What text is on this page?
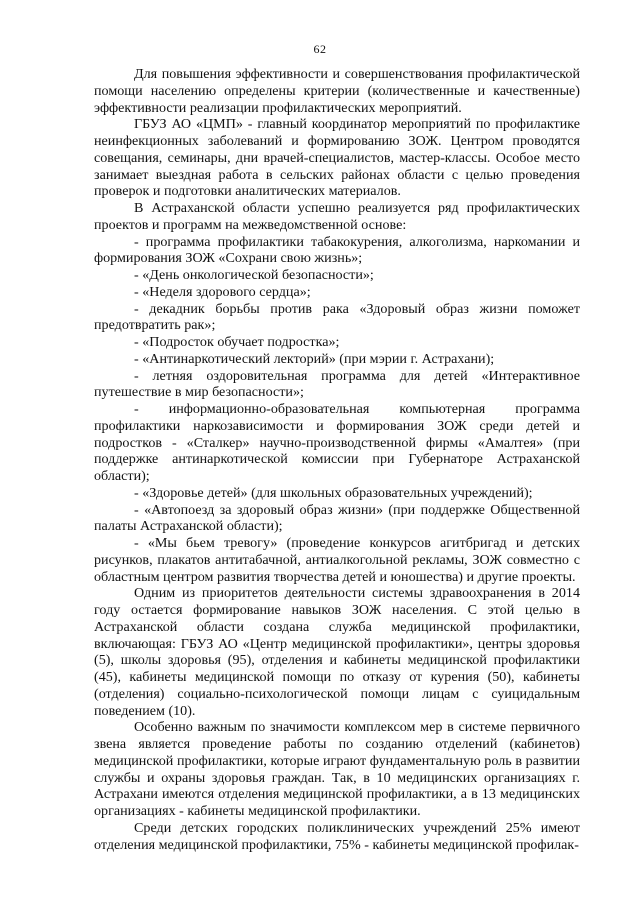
62

Для повышения эффективности и совершенствования профилактической помощи населению определены критерии (количественные и качественные) эффективности реализации профилактических мероприятий.

ГБУЗ АО «ЦМП» - главный координатор мероприятий по профилактике неинфекционных заболеваний и формированию ЗОЖ. Центром проводятся совещания, семинары, дни врачей-специалистов, мастер-классы. Особое место занимает выездная работа в сельских районах области с целью проведения проверок и подготовки аналитических материалов.

В Астраханской области успешно реализуется ряд профилактических проектов и программ на межведомственной основе:

- программа профилактики табакокурения, алкоголизма, наркомании и формирования ЗОЖ «Сохрани свою жизнь»;

- «День онкологической безопасности»;

- «Неделя здорового сердца»;

- декадник борьбы против рака «Здоровый образ жизни поможет предотвратить рак»;

- «Подросток обучает подростка»;

- «Антинаркотический лекторий» (при мэрии г. Астрахани);

- летняя оздоровительная программа для детей «Интерактивное путешествие в мир безопасности»;

- информационно-образовательная компьютерная программа профилактики наркозависимости и формирования ЗОЖ среди детей и подростков - «Сталкер» научно-производственной фирмы «Амалтея» (при поддержке антинаркотической комиссии при Губернаторе Астраханской области);

- «Здоровье детей» (для школьных образовательных учреждений);

- «Автопоезд за здоровый образ жизни» (при поддержке Общественной палаты Астраханской области);

- «Мы бьем тревогу» (проведение конкурсов агитбригад и детских рисунков, плакатов антитабачной, антиалкогольной рекламы, ЗОЖ совместно с областным центром развития творчества детей и юношества) и другие проекты.

Одним из приоритетов деятельности системы здравоохранения в 2014 году остается формирование навыков ЗОЖ населения. С этой целью в Астраханской области создана служба медицинской профилактики, включающая: ГБУЗ АО «Центр медицинской профилактики», центры здоровья (5), школы здоровья (95), отделения и кабинеты медицинской профилактики (45), кабинеты медицинской помощи по отказу от курения (50), кабинеты (отделения) социально-психологической помощи лицам с суицидальным поведением (10).

Особенно важным по значимости комплексом мер в системе первичного звена является проведение работы по созданию отделений (кабинетов) медицинской профилактики, которые играют фундаментальную роль в развитии службы и охраны здоровья граждан. Так, в 10 медицинских организациях г. Астрахани имеются отделения медицинской профилактики, а в 13 медицинских организациях - кабинеты медицинской профилактики.

Среди детских городских поликлинических учреждений 25% имеют отделения медицинской профилактики, 75% - кабинеты медицинской профилак-
